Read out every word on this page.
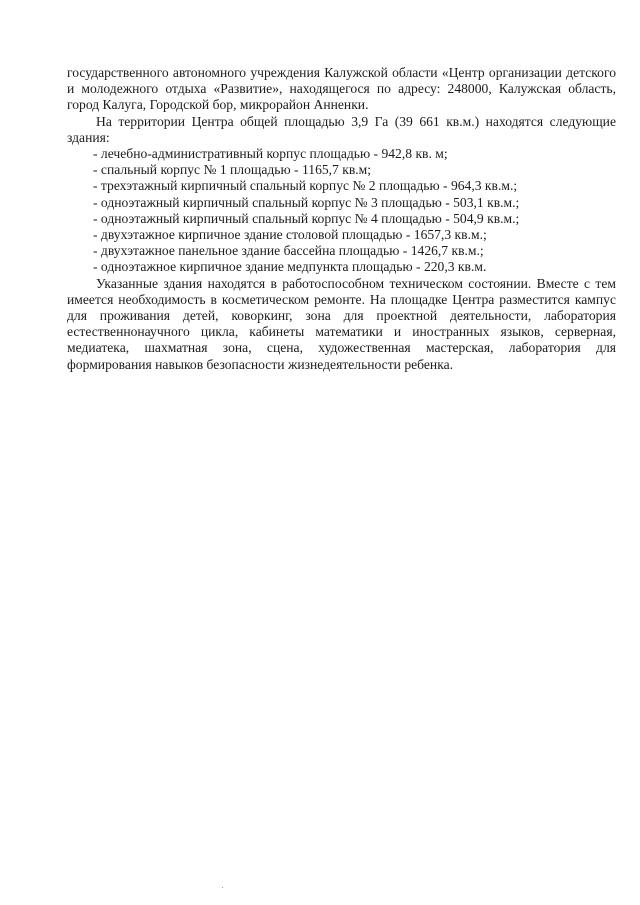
государственного автономного учреждения Калужской области «Центр организации детского и молодежного отдыха «Развитие», находящегося по адресу: 248000, Калужская область, город Калуга, Городской бор, микрорайон Анненки.

На территории Центра общей площадью 3,9 Га (39 661 кв.м.) находятся следующие здания:

- лечебно-административный корпус площадью - 942,8 кв. м;
- спальный корпус № 1 площадью - 1165,7 кв.м;
- трехэтажный кирпичный спальный корпус № 2 площадью - 964,3 кв.м.;
- одноэтажный кирпичный спальный корпус № 3 площадью - 503,1 кв.м.;
- одноэтажный кирпичный спальный корпус № 4 площадью - 504,9 кв.м.;
- двухэтажное кирпичное здание столовой площадью - 1657,3 кв.м.;
- двухэтажное панельное здание бассейна площадью - 1426,7 кв.м.;
- одноэтажное кирпичное здание медпункта площадью - 220,3 кв.м.

Указанные здания находятся в работоспособном техническом состоянии. Вместе с тем имеется необходимость в косметическом ремонте. На площадке Центра разместится кампус для проживания детей, коворкинг, зона для проектной деятельности, лаборатория естественнонаучного цикла, кабинеты математики и иностранных языков, серверная, медиатека, шахматная зона, сцена, художественная мастерская, лаборатория для формирования навыков безопасности жизнедеятельности ребенка.
